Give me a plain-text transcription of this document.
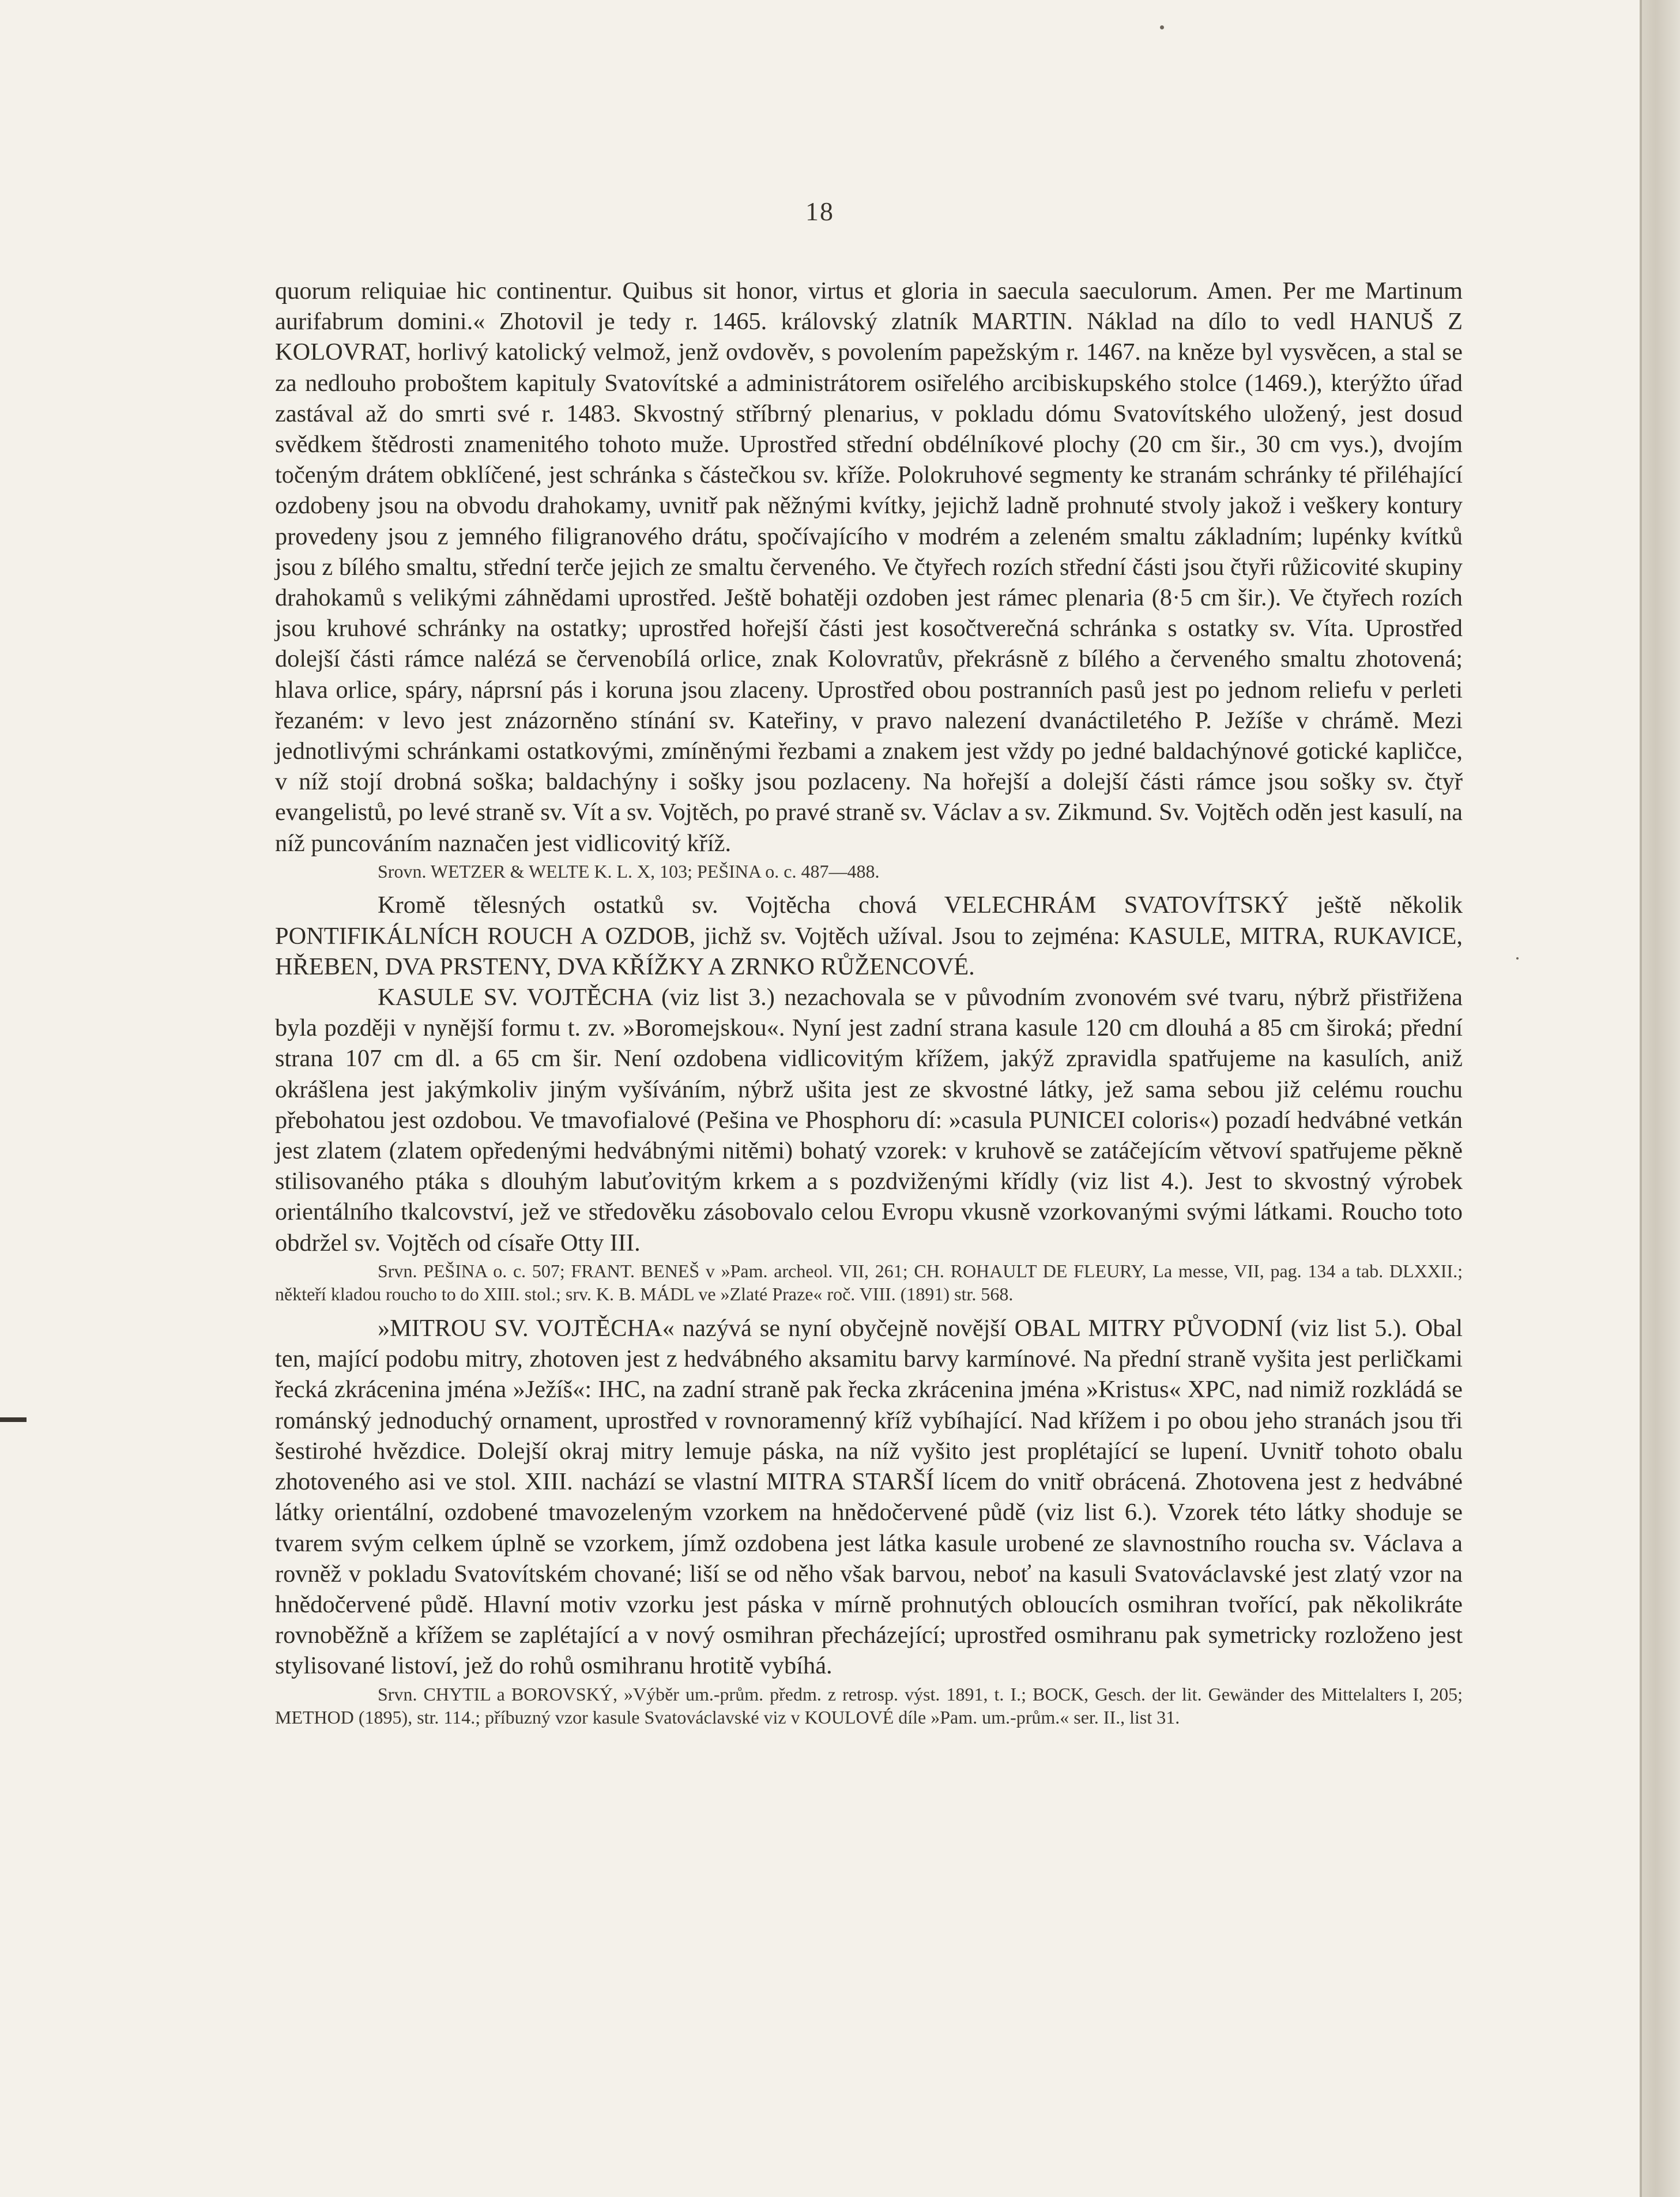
18

quorum reliquiae hic continentur. Quibus sit honor, virtus et gloria in saecula saeculorum. Amen. Per me Martinum aurifabrum domini.« Zhotovil je tedy r. 1465. královský zlatník MARTIN. Náklad na dílo to vedl HANUŠ Z KOLOVRAT, horlivý katolický velmož, jenž ovdověv, s povolením papežským r. 1467. na kněze byl vysvěcen, a stal se za nedlouho proboštem kapituly Svatovítské a administrátorem osiřelého arcibiskupského stolce (1469.), kterýžto úřad zastával až do smrti své r. 1483. Skvostný stříbrný plenarius, v pokladu dómu Svatovítského uložený, jest dosud svědkem štědrosti znamenitého tohoto muže. Uprostřed střední obdélníkové plochy (20 cm šir., 30 cm vys.), dvojím točeným drátem obklíčené, jest schránka s částečkou sv. kříže. Polokruhové segmenty ke stranám schránky té přiléhající ozdobeny jsou na obvodu drahokamy, uvnitř pak něžnými kvítky, jejichž ladně prohnuté stvoly jakož i veškery kontury provedeny jsou z jemného filigranového drátu, spočívajícího v modrém a zeleném smaltu základním; lupénky kvítků jsou z bílého smaltu, střední terče jejich ze smaltu červeného. Ve čtyřech rozích střední části jsou čtyři růžicovité skupiny drahokamů s velikými záhnědami uprostřed. Ještě bohatěji ozdoben jest rámec plenaria (8·5 cm šir.). Ve čtyřech rozích jsou kruhové schránky na ostatky; uprostřed hořejší části jest kosočtverečná schránka s ostatky sv. Víta. Uprostřed dolejší části rámce nalézá se červenobílá orlice, znak Kolovratův, překrásně z bílého a červeného smaltu zhotovená; hlava orlice, spáry, náprsní pás i koruna jsou zlaceny. Uprostřed obou postranních pasů jest po jednom reliefu v perleti řezaném: v levo jest znázorněno stínání sv. Kateřiny, v pravo nalezení dvanáctiletého P. Ježíše v chrámě. Mezi jednotlivými schránkami ostatkovými, zmíněnými řezbami a znakem jest vždy po jedné baldachýnové gotické kapličce, v níž stojí drobná soška; baldachýny i sošky jsou pozlaceny. Na hořejší a dolejší části rámce jsou sošky sv. čtyř evangelistů, po levé straně sv. Vít a sv. Vojtěch, po pravé straně sv. Václav a sv. Zikmund. Sv. Vojtěch oděn jest kasulí, na níž puncováním naznačen jest vidlicovitý kříž.

Srovn. WETZER & WELTE K. L. X, 103; PEŠINA o. c. 487—488.

Kromě tělesných ostatků sv. Vojtěcha chová VELECHRÁM SVATOVÍTSKÝ ještě několik PONTIFIKÁLNÍCH ROUCH A OZDOB, jichž sv. Vojtěch užíval. Jsou to zejména: KASULE, MITRA, RUKAVICE, HŘEBEN, DVA PRSTENY, DVA KŘÍŽKY A ZRNKO RŮŽENCOVÉ.

KASULE SV. VOJTĚCHA (viz list 3.) nezachovala se v původním zvonovém své tvaru, nýbrž přistřižena byla později v nynější formu t. zv. »Boromejskou«. Nyní jest zadní strana kasule 120 cm dlouhá a 85 cm široká; přední strana 107 cm dl. a 65 cm šir. Není ozdobena vidlicovitým křížem, jakýž zpravidla spatřujeme na kasulích, aniž okrášlena jest jakýmkoliv jiným vyšíváním, nýbrž ušita jest ze skvostné látky, jež sama sebou již celému rouchu přebohatou jest ozdobou. Ve tmavofialové (Pešina ve Phosphoru dí: »casula PUNICEI coloris«) pozadí hedvábné vetkán jest zlatem (zlatem opředenými hedvábnými nitěmi) bohatý vzorek: v kruhově se zatáčejícím větvoví spatřujeme pěkně stilisovaného ptáka s dlouhým labuťovitým krkem a s pozdviženými křídly (viz list 4.). Jest to skvostný výrobek orientálního tkalcovství, jež ve středověku zásobovalo celou Evropu vkusně vzorkovanými svými látkami. Roucho toto obdržel sv. Vojtěch od císaře Otty III.

Srvn. PEŠINA o. c. 507; FRANT. BENEŠ v »Pam. archeol. VII, 261; CH. ROHAULT DE FLEURY, La messe, VII, pag. 134 a tab. DLXXII.; někteří kladou roucho to do XIII. stol.; srv. K. B. MÁDL ve »Zlaté Praze« roč. VIII. (1891) str. 568.

»MITROU SV. VOJTĚCHA« nazývá se nyní obyčejně novější OBAL MITRY PŮVODNÍ (viz list 5.). Obal ten, mající podobu mitry, zhotoven jest z hedvábného aksamitu barvy karmínové. Na přední straně vyšita jest perličkami řecká zkrácenina jména »Ježíš«: IHC, na zadní straně pak řecka zkrácenina jména »Kristus« XPC, nad nimiž rozkládá se románský jednoduchý ornament, uprostřed v rovnoramenný kříž vybíhající. Nad křížem i po obou jeho stranách jsou tři šestirohé hvězdice. Dolejší okraj mitry lemuje páska, na níž vyšito jest proplétající se lupení. Uvnitř tohoto obalu zhotoveného asi ve stol. XIII. nachází se vlastní MITRA STARŠÍ lícem do vnitř obrácená. Zhotovena jest z hedvábné látky orientální, ozdobené tmavozeleným vzorkem na hnědočervené půdě (viz list 6.). Vzorek této látky shoduje se tvarem svým celkem úplně se vzorkem, jímž ozdobena jest látka kasule urobené ze slavnostního roucha sv. Václava a rovněž v pokladu Svatovítském chované; liší se od něho však barvou, neboť na kasuli Svatováclavské jest zlatý vzor na hnědočervené půdě. Hlavní motiv vzorku jest páska v mírně prohnutých obloucích osmihran tvořící, pak několikráte rovnoběžně a křížem se zaplétající a v nový osmihran přecházející; uprostřed osmihranu pak symetricky rozloženo jest stylisované listoví, jež do rohů osmihranu hrotitě vybíhá.

Srvn. CHYTIL a BOROVSKÝ, »Výběr um.-prům. předm. z retrosp. výst. 1891, t. I.; BOCK, Gesch. der lit. Gewänder des Mittelalters I, 205; METHOD (1895), str. 114.; příbuzný vzor kasule Svatováclavské viz v KOULOVÉ díle »Pam. um.-prům.« ser. II., list 31.
